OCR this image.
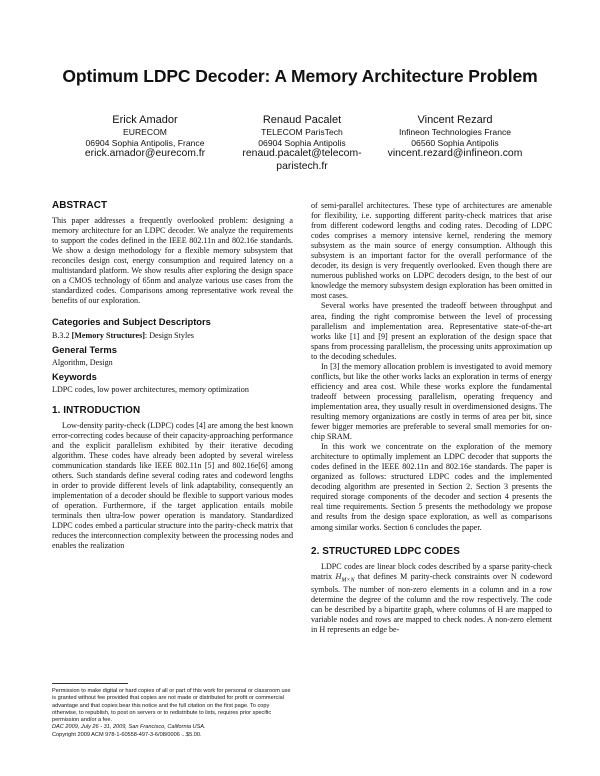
Optimum LDPC Decoder: A Memory Architecture Problem
Erick Amador
EURECOM
06904 Sophia Antipolis, France
erick.amador@eurecom.fr
Renaud Pacalet
TELECOM ParisTech
06904 Sophia Antipolis
renaud.pacalet@telecom-paristech.fr
Vincent Rezard
Infineon Technologies France
06560 Sophia Antipolis
vincent.rezard@infineon.com
ABSTRACT

This paper addresses a frequently overlooked problem: designing a memory architecture for an LDPC decoder. We analyze the requirements to support the codes defined in the IEEE 802.11n and 802.16e standards. We show a design methodology for a flexible memory subsystem that reconciles design cost, energy consumption and required latency on a multistandard platform. We show results after exploring the design space on a CMOS technology of 65nm and analyze various use cases from the standardized codes. Comparisons among representative work reveal the benefits of our exploration.

Categories and Subject Descriptors

B.3.2 [Memory Structures]: Design Styles

General Terms

Algorithm, Design

Keywords

LDPC codes, low power architectures, memory optimization

1. INTRODUCTION

Low-density parity-check (LDPC) codes [4] are among the best known error-correcting codes because of their capacity-approaching performance and the explicit parallelism exhibited by their iterative decoding algorithm. These codes have already been adopted by several wireless communication standards like IEEE 802.11n [5] and 802.16e[6] among others. Such standards define several coding rates and codeword lengths in order to provide different levels of link adaptability, consequently an implementation of a decoder should be flexible to support various modes of operation. Furthermore, if the target application entails mobile terminals then ultra-low power operation is mandatory. Standardized LDPC codes embed a particular structure into the parity-check matrix that reduces the interconnection complexity between the processing nodes and enables the realization

Permission to make digital or hard copies of all or part of this work for personal or classroom use is granted without fee provided that copies are not made or distributed for profit or commercial advantage and that copies bear this notice and the full citation on the first page. To copy otherwise, to republish, to post on servers or to redistribute to lists, requires prior specific permission and/or a fee.

DAC 2009, July 26 - 31, 2009, San Francisco, California USA.

Copyright 2009 ACM 978-1-60558-497-3-6/08/0006 ...$5.00.

of semi-parallel architectures. These type of architectures are amenable for flexibility, i.e. supporting different parity-check matrices that arise from different codeword lengths and coding rates. Decoding of LDPC codes comprises a memory intensive kernel, rendering the memory subsystem as the main source of energy consumption. Although this subsystem is an important factor for the overall performance of the decoder, its design is very frequently overlooked. Even though there are numerous published works on LDPC decoders design, to the best of our knowledge the memory subsystem design exploration has been omitted in most cases.

Several works have presented the tradeoff between throughput and area, finding the right compromise between the level of processing parallelism and implementation area. Representative state-of-the-art works like [1] and [9] present an exploration of the design space that spans from processing parallelism, the processing units approximation up to the decoding schedules.

In [3] the memory allocation problem is investigated to avoid memory conflicts, but like the other works lacks an exploration in terms of energy efficiency and area cost. While these works explore the fundamental tradeoff between processing parallelism, operating frequency and implementation area, they usually result in overdimensioned designs. The resulting memory organizations are costly in terms of area per bit, since fewer bigger memories are preferable to several small memories for on-chip SRAM.

In this work we concentrate on the exploration of the memory architecture to optimally implement an LDPC decoder that supports the codes defined in the IEEE 802.11n and 802.16e standards. The paper is organized as follows: structured LDPC codes and the implemented decoding algorithm are presented in Section 2. Section 3 presents the required storage components of the decoder and section 4 presents the real time requirements. Section 5 presents the methodology we propose and results from the design space exploration, as well as comparisons among similar works. Section 6 concludes the paper.

2. STRUCTURED LDPC CODES

LDPC codes are linear block codes described by a sparse parity-check matrix $H_{M\times N}$ that defines M parity-check constraints over N codeword symbols. The number of non-zero elements in a column and in a row determine the degree of the column and the row respectively. The code can be described by a bipartite graph, where columns of H are mapped to variable nodes and rows are mapped to check nodes. A non-zero element in H represents an edge be-
